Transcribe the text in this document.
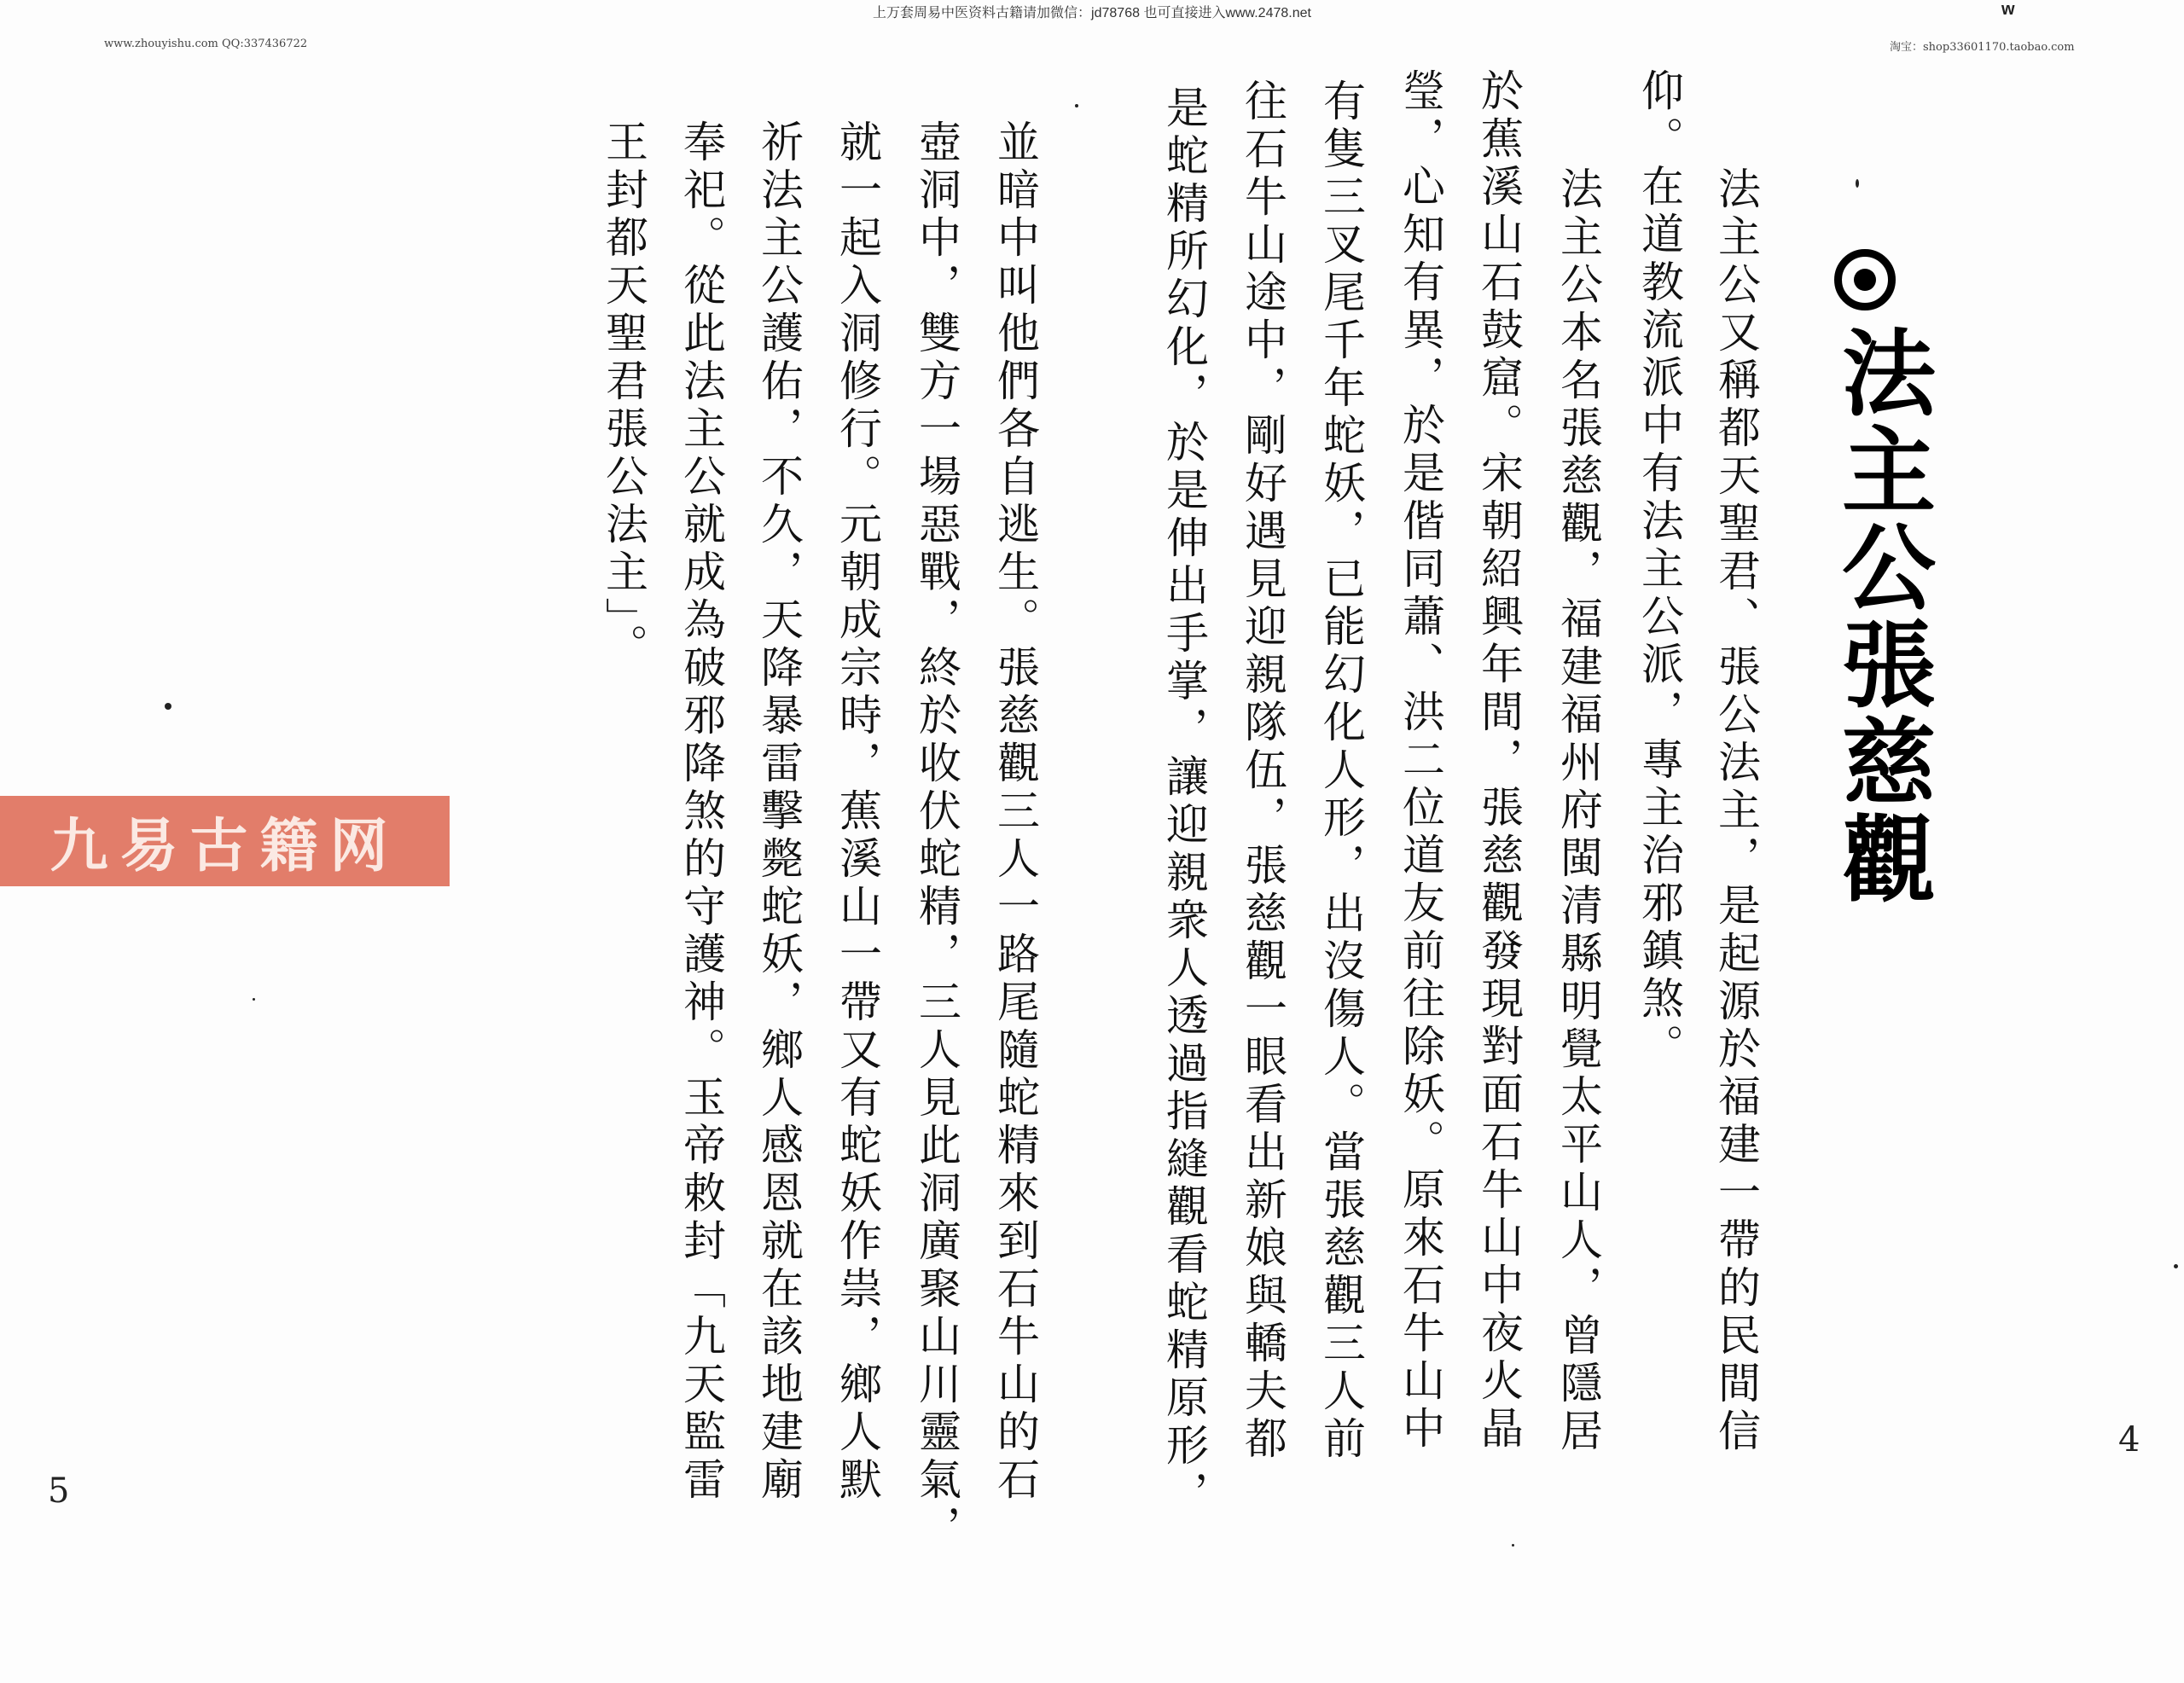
上万套周易中医资料古籍请加微信：jd78768 也可直接进入www.2478.net	w
www.zhouyishu.com QQ:337436722	淘宝：shop33601170.taobao.com
九易古籍网	法主公張慈觀
法主公又稱都天聖君、張公法主，是起源於福建一帶的民間信
仰。在道教流派中有法主公派，專主治邪鎮煞。
法主公本名張慈觀，福建福州府閩清縣明覺太平山人，曾隱居
於蕉溪山石鼓窟。宋朝紹興年間，張慈觀發現對面石牛山中夜火晶
瑩，心知有異，於是偕同蕭、洪二位道友前往除妖。原來石牛山中
有隻三叉尾千年蛇妖，已能幻化人形，出沒傷人。當張慈觀三人前
往石牛山途中，剛好遇見迎親隊伍，張慈觀一眼看出新娘與轎夫都
是蛇精所幻化，於是伸出手掌，讓迎親衆人透過指縫觀看蛇精原形，
並暗中叫他們各自逃生。張慈觀三人一路尾隨蛇精來到石牛山的石
壺洞中，雙方一場惡戰，終於收伏蛇精，三人見此洞廣聚山川靈氣，
就一起入洞修行。元朝成宗時，蕉溪山一帶又有蛇妖作祟，鄉人默
祈法主公護佑，不久，天降暴雷擊斃蛇妖，鄉人感恩就在該地建廟
奉祀。從此法主公就成為破邪降煞的守護神。玉帝敕封「九天監雷
王封都天聖君張公法主」。
4
5
